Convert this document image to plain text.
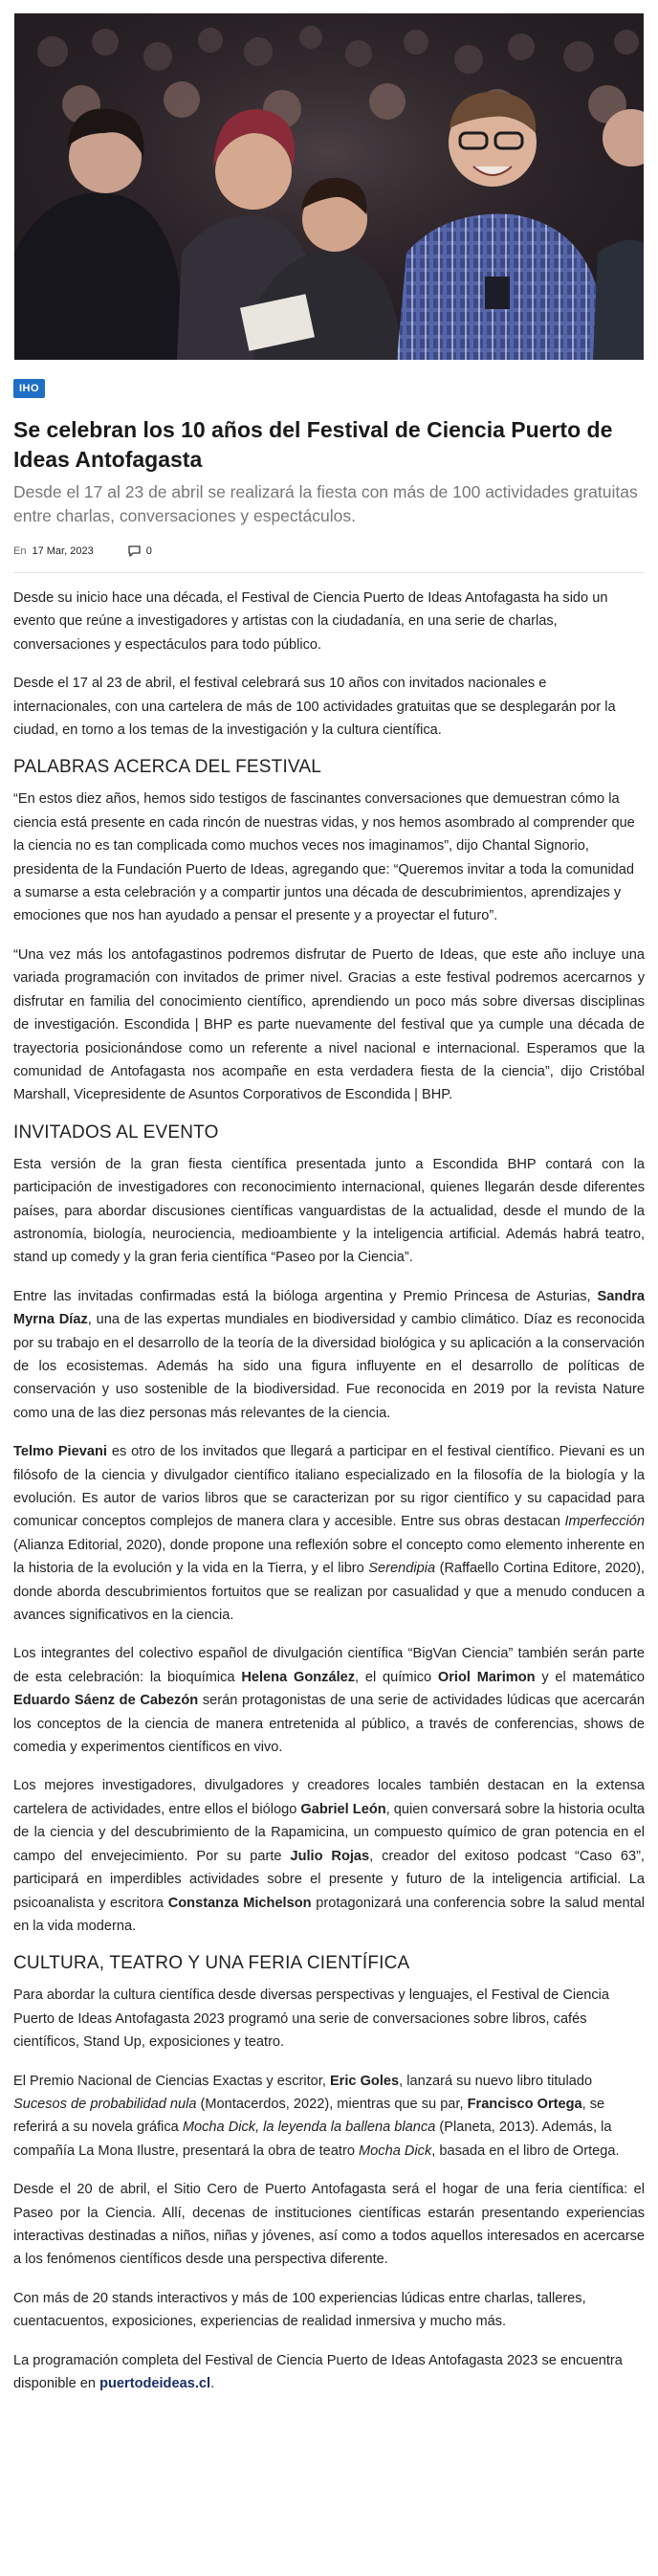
IHO
Se celebran los 10 años del Festival de Ciencia Puerto de Ideas Antofagasta

Desde el 17 al 23 de abril se realizará la fiesta con más de 100 actividades gratuitas entre charlas, conversaciones y espectáculos.

En 17 Mar, 2023	0

Desde su inicio hace una década, el Festival de Ciencia Puerto de Ideas Antofagasta ha sido un evento que reúne a investigadores y artistas con la ciudadanía, en una serie de charlas, conversaciones y espectáculos para todo público.

Desde el 17 al 23 de abril, el festival celebrará sus 10 años con invitados nacionales e internacionales, con una cartelera de más de 100 actividades gratuitas que se desplegarán por la ciudad, en torno a los temas de la investigación y la cultura científica.

PALABRAS ACERCA DEL FESTIVAL

“En estos diez años, hemos sido testigos de fascinantes conversaciones que demuestran cómo la ciencia está presente en cada rincón de nuestras vidas, y nos hemos asombrado al comprender que la ciencia no es tan complicada como muchos veces nos imaginamos”, dijo Chantal Signorio, presidenta de la Fundación Puerto de Ideas, agregando que: “Queremos invitar a toda la comunidad a sumarse a esta celebración y a compartir juntos una década de descubrimientos, aprendizajes y emociones que nos han ayudado a pensar el presente y a proyectar el futuro”.

“Una vez más los antofagastinos podremos disfrutar de Puerto de Ideas, que este año incluye una variada programación con invitados de primer nivel. Gracias a este festival podremos acercarnos y disfrutar en familia del conocimiento científico, aprendiendo un poco más sobre diversas disciplinas de investigación. Escondida | BHP es parte nuevamente del festival que ya cumple una década de trayectoria posicionándose como un referente a nivel nacional e internacional. Esperamos que la comunidad de Antofagasta nos acompañe en esta verdadera fiesta de la ciencia”, dijo Cristóbal Marshall, Vicepresidente de Asuntos Corporativos de Escondida | BHP.

INVITADOS AL EVENTO

Esta versión de la gran fiesta científica presentada junto a Escondida BHP contará con la participación de investigadores con reconocimiento internacional, quienes llegarán desde diferentes países, para abordar discusiones científicas vanguardistas de la actualidad, desde el mundo de la astronomía, biología, neurociencia, medioambiente y la inteligencia artificial. Además habrá teatro, stand up comedy y la gran feria científica “Paseo por la Ciencia”.

Entre las invitadas confirmadas está la bióloga argentina y Premio Princesa de Asturias, Sandra Myrna Díaz, una de las expertas mundiales en biodiversidad y cambio climático. Díaz es reconocida por su trabajo en el desarrollo de la teoría de la diversidad biológica y su aplicación a la conservación de los ecosistemas. Además ha sido una figura influyente en el desarrollo de políticas de conservación y uso sostenible de la biodiversidad. Fue reconocida en 2019 por la revista Nature como una de las diez personas más relevantes de la ciencia.

Telmo Pievani es otro de los invitados que llegará a participar en el festival científico. Pievani es un filósofo de la ciencia y divulgador científico italiano especializado en la filosofía de la biología y la evolución. Es autor de varios libros que se caracterizan por su rigor científico y su capacidad para comunicar conceptos complejos de manera clara y accesible. Entre sus obras destacan Imperfección (Alianza Editorial, 2020), donde propone una reflexión sobre el concepto como elemento inherente en la historia de la evolución y la vida en la Tierra, y el libro Serendipia (Raffaello Cortina Editore, 2020), donde aborda descubrimientos fortuitos que se realizan por casualidad y que a menudo conducen a avances significativos en la ciencia.

Los integrantes del colectivo español de divulgación científica “BigVan Ciencia” también serán parte de esta celebración: la bioquímica Helena González, el químico Oriol Marimon y el matemático Eduardo Sáenz de Cabezón serán protagonistas de una serie de actividades lúdicas que acercarán los conceptos de la ciencia de manera entretenida al público, a través de conferencias, shows de comedia y experimentos científicos en vivo.

Los mejores investigadores, divulgadores y creadores locales también destacan en la extensa cartelera de actividades, entre ellos el biólogo Gabriel León, quien conversará sobre la historia oculta de la ciencia y del descubrimiento de la Rapamicina, un compuesto químico de gran potencia en el campo del envejecimiento. Por su parte Julio Rojas, creador del exitoso podcast “Caso 63”, participará en imperdibles actividades sobre el presente y futuro de la inteligencia artificial. La psicoanalista y escritora Constanza Michelson protagonizará una conferencia sobre la salud mental en la vida moderna.

CULTURA, TEATRO Y UNA FERIA CIENTÍFICA

Para abordar la cultura científica desde diversas perspectivas y lenguajes, el Festival de Ciencia Puerto de Ideas Antofagasta 2023 programó una serie de conversaciones sobre libros, cafés científicos, Stand Up, exposiciones y teatro.

El Premio Nacional de Ciencias Exactas y escritor, Eric Goles, lanzará su nuevo libro titulado Sucesos de probabilidad nula (Montacerdos, 2022), mientras que su par, Francisco Ortega, se referirá a su novela gráfica Mocha Dick, la leyenda la ballena blanca (Planeta, 2013). Además, la compañía La Mona Ilustre, presentará la obra de teatro Mocha Dick, basada en el libro de Ortega.

Desde el 20 de abril, el Sitio Cero de Puerto Antofagasta será el hogar de una feria científica: el Paseo por la Ciencia. Allí, decenas de instituciones científicas estarán presentando experiencias interactivas destinadas a niños, niñas y jóvenes, así como a todos aquellos interesados en acercarse a los fenómenos científicos desde una perspectiva diferente.

Con más de 20 stands interactivos y más de 100 experiencias lúdicas entre charlas, talleres, cuentacuentos, exposiciones, experiencias de realidad inmersiva y mucho más.

La programación completa del Festival de Ciencia Puerto de Ideas Antofagasta 2023 se encuentra disponible en puertodeideas.cl.
